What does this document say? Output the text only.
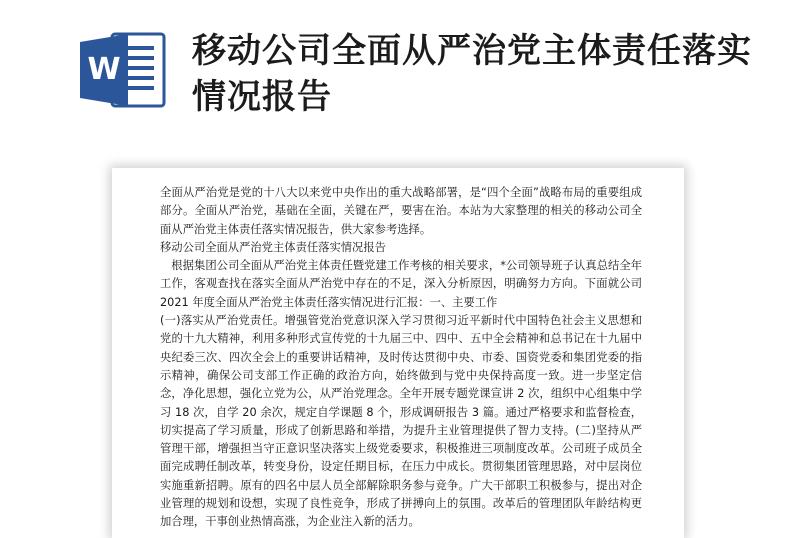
W 移动公司全面从严治党主体责任落实情况报告

全面从严治党是党的十八大以来党中央作出的重大战略部署，是“四个全面”战略布局的重要组成部分。全面从严治党，基础在全面，关键在严，要害在治。本站为大家整理的相关的移动公司全面从严治党主体责任落实情况报告，供大家参考选择。

移动公司全面从严治党主体责任落实情况报告

根据集团公司全面从严治党主体责任暨党建工作考核的相关要求，*公司领导班子认真总结全年工作，客观查找在落实全面从严治党中存在的不足，深入分析原因，明确努力方向。下面就公司 2021 年度全面从严治党主体责任落实情况进行汇报：一、主要工作

(一)落实从严治党责任。增强管党治党意识深入学习贯彻习近平新时代中国特色社会主义思想和党的十九大精神，利用多种形式宣传党的十九届三中、四中、五中全会精神和总书记在十九届中央纪委三次、四次全会上的重要讲话精神，及时传达贯彻中央、市委、国资党委和集团党委的指示精神，确保公司支部工作正确的政治方向，始终做到与党中央保持高度一致。进一步坚定信念，净化思想，强化立党为公，从严治党理念。全年开展专题党课宣讲 2 次，组织中心组集中学习 18 次，自学 20 余次，规定自学课题 8 个，形成调研报告 3 篇。通过严格要求和监督检查，切实提高了学习质量，形成了创新思路和举措，为提升主业管理提供了智力支持。(二)坚持从严管理干部，增强担当守正意识坚决落实上级党委要求，积极推进三项制度改革。公司班子成员全面完成聘任制改革，转变身份，设定任期目标，在压力中成长。贯彻集团管理思路，对中层岗位实施重新招聘。原有的四名中层人员全部解除职务参与竞争。广大干部职工积极参与，提出对企业管理的规划和设想，实现了良性竞争，形成了拼搏向上的氛围。改革后的管理团队年龄结构更加合理，干事创业热情高涨，为企业注入新的活力。
